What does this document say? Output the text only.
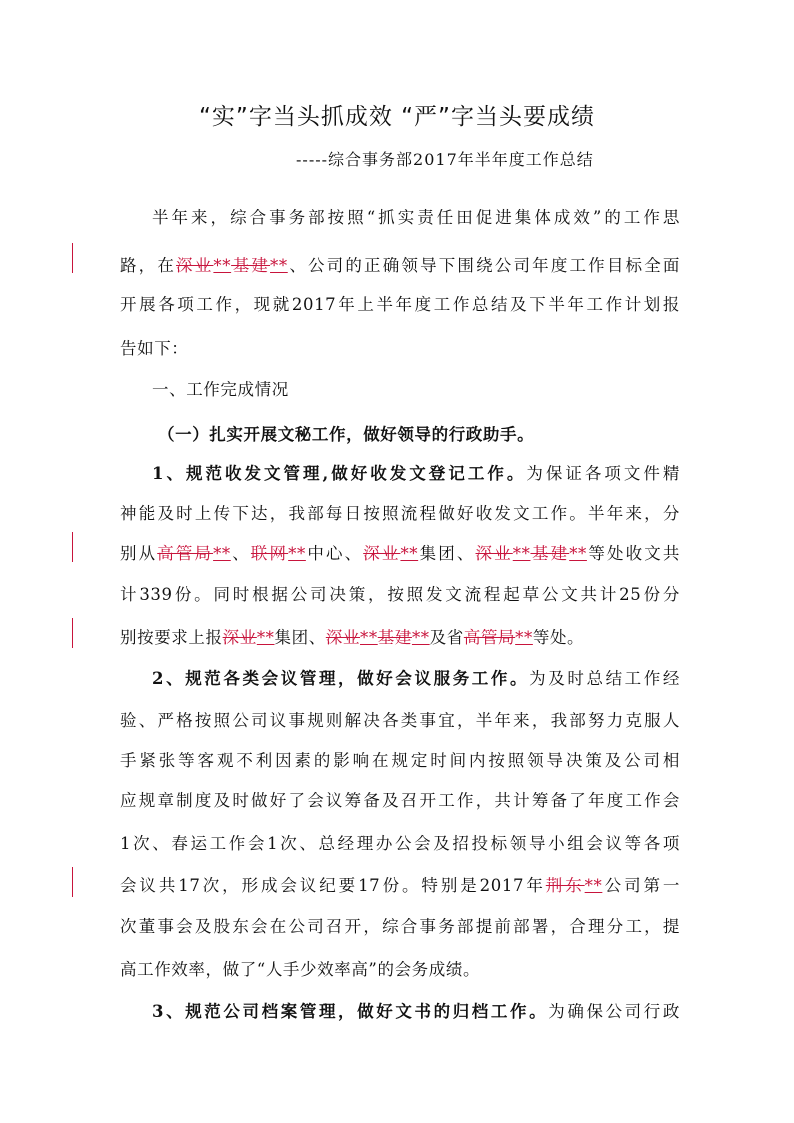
“实”字当头抓成效 “严”字当头要成绩
-----综合事务部2017年半年度工作总结
半年来，综合事务部按照“抓实责任田促进集体成效”的工作思
路，在深业**基建**、公司的正确领导下围绕公司年度工作目标全面
开展各项工作，现就2017年上半年度工作总结及下半年工作计划报
告如下：
一、工作完成情况
（一）扎实开展文秘工作，做好领导的行政助手。
1、规范收发文管理,做好收发文登记工作。为保证各项文件精
神能及时上传下达，我部每日按照流程做好收发文工作。半年来，分
别从高管局**、联网**中心、深业**集团、深业**基建**等处收文共
计339份。同时根据公司决策，按照发文流程起草公文共计25份分
别按要求上报深业**集团、深业**基建**及省高管局**等处。
2、规范各类会议管理，做好会议服务工作。为及时总结工作经
验、严格按照公司议事规则解决各类事宜，半年来，我部努力克服人
手紧张等客观不利因素的影响在规定时间内按照领导决策及公司相
应规章制度及时做好了会议筹备及召开工作，共计筹备了年度工作会
1次、春运工作会1次、总经理办公会及招投标领导小组会议等各项
会议共17次，形成会议纪要17份。特别是2017年荆东**公司第一
次董事会及股东会在公司召开，综合事务部提前部署，合理分工，提
高工作效率，做了“人手少效率高”的会务成绩。
3、规范公司档案管理，做好文书的归档工作。为确保公司行政
